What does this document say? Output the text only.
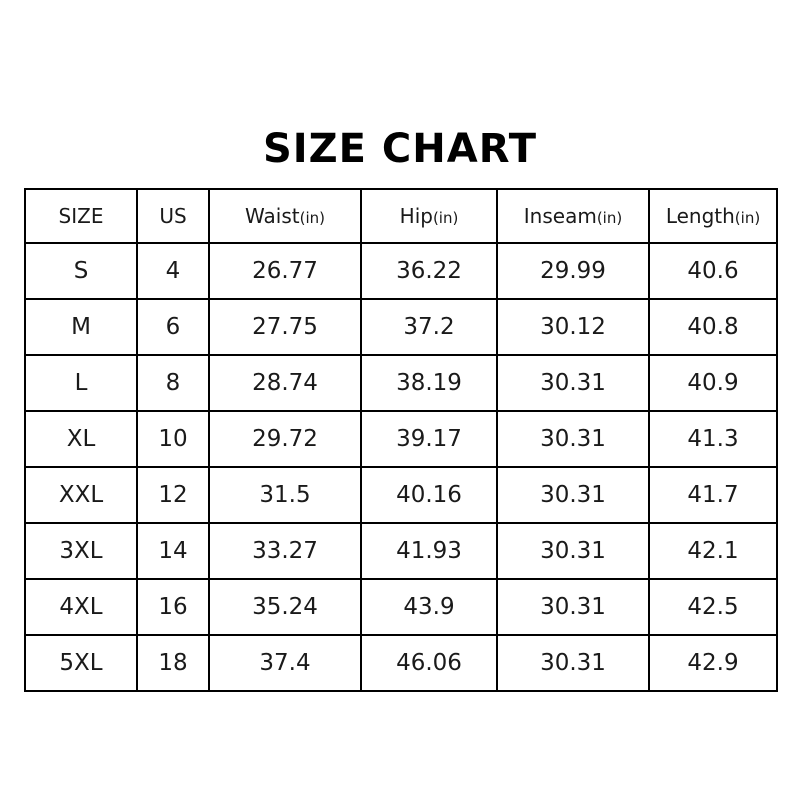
SIZE CHART
SIZE	US	Waist(in)	Hip(in)	Inseam(in)	Length(in)
S	4	26.77	36.22	29.99	40.6
M	6	27.75	37.2	30.12	40.8
L	8	28.74	38.19	30.31	40.9
XL	10	29.72	39.17	30.31	41.3
XXL	12	31.5	40.16	30.31	41.7
3XL	14	33.27	41.93	30.31	42.1
4XL	16	35.24	43.9	30.31	42.5
5XL	18	37.4	46.06	30.31	42.9
